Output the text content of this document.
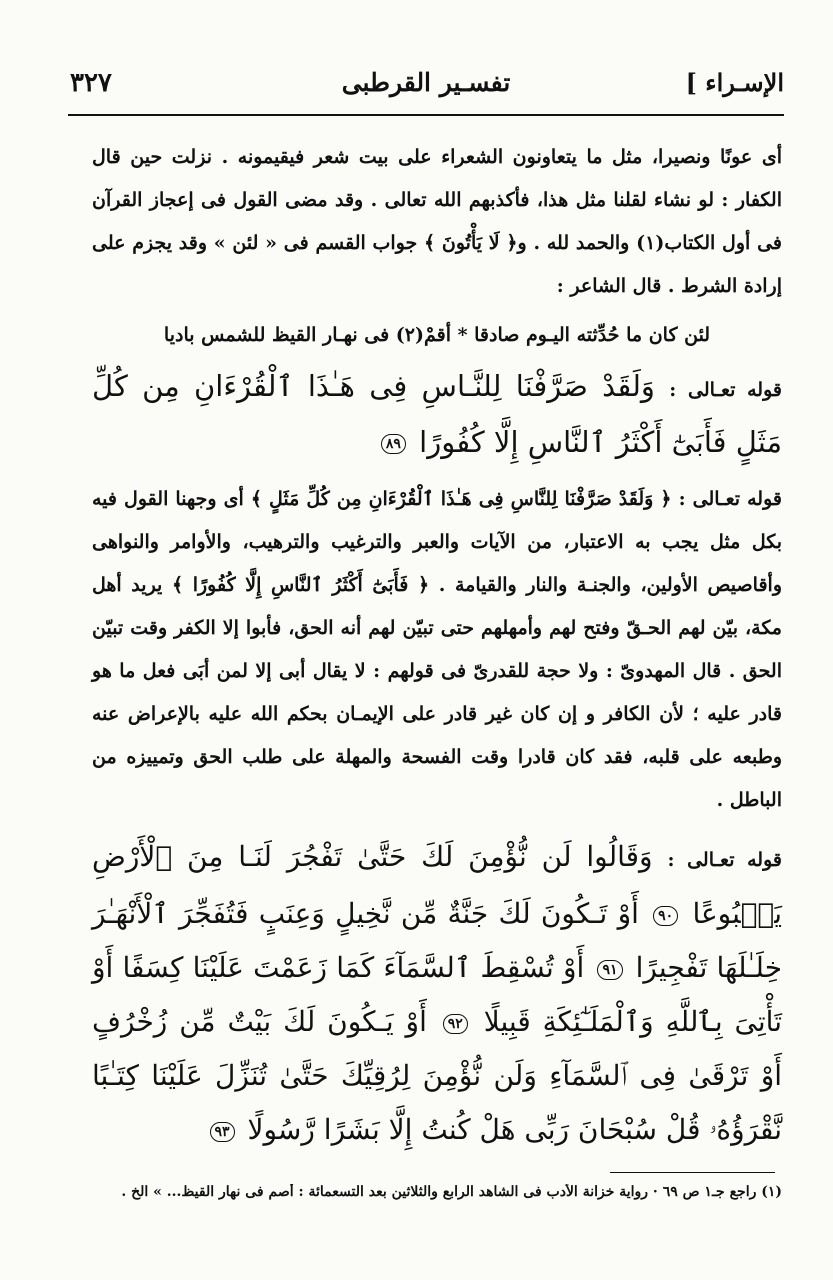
الإسـراء ]
تفسـير القرطبى
٣٢٧

أى عونًا ونصيرا، مثل ما يتعاونون الشعراء على بيت شعر فيقيمونه . نزلت حين قال الكفار : لو نشاء لقلنا مثل هذا، فأكذبهم الله تعالى . وقد مضى القول فى إعجاز القرآن فى أول الكتاب(١) والحمد لله . و﴿ لَا يَأْتُونَ ﴾ جواب القسم فى « لئن » وقد يجزم على إرادة الشرط . قال الشاعر :

لئن كان ما حُدِّثته اليـوم صادقا * أقمْ(٢) فى نهـار القيظ للشمس باديا

قوله تعـالى : وَلَقَدْ صَرَّفْنَا لِلنَّـاسِ فِى هَـٰذَا ٱلْقُرْءَانِ مِن كُلِّ مَثَلٍ فَأَبَىٰٓ أَكْثَرُ ٱلنَّاسِ إِلَّا كُفُورًا ٨٩

قوله تعـالى : ﴿ وَلَقَدْ صَرَّفْنَا لِلنَّاسِ فِى هَـٰذَا ٱلْقُرْءَانِ مِن كُلِّ مَثَلٍ ﴾ أى وجهنا القول فيه بكل مثل يجب به الاعتبار، من الآيات والعبر والترغيب والترهيب، والأوامر والنواهى وأقاصيص الأولين، والجنـة والنار والقيامة . ﴿ فَأَبَىٰٓ أَكْثَرُ ٱلنَّاسِ إِلَّا كُفُورًا ﴾ يريد أهل مكة، بيّن لهم الحـقّ وفتح لهم وأمهلهم حتى تبيّن لهم أنه الحق، فأبوا إلا الكفر وقت تبيّن الحق . قال المهدوىّ : ولا حجة للقدرىّ فى قولهم : لا يقال أبى إلا لمن أبَى فعل ما هو قادر عليه ؛ لأن الكافر و إن كان غير قادر على الإيمـان بحكم الله عليه بالإعراض عنه وطبعه على قلبه، فقد كان قادرا وقت الفسحة والمهلة على طلب الحق وتمييزه من الباطل .

قوله تعـالى : وَقَالُوا لَن نُّؤْمِنَ لَكَ حَتَّىٰ تَفْجُرَ لَنَـا مِنَ ٱلْأَرْضِ يَنۢبُوعًا ٩٠ أَوْ تَـكُونَ لَكَ جَنَّةٌ مِّن نَّخِيلٍ وَعِنَبٍ فَتُفَجِّرَ ٱلْأَنْهَـٰرَ خِلَـٰلَهَا تَفْجِيرًا ٩١ أَوْ تُسْقِطَ ٱلسَّمَآءَ كَمَا زَعَمْتَ عَلَيْنَا كِسَفًا أَوْ تَأْتِىَ بِٱللَّهِ وَٱلْمَلَـٰٓئِكَةِ قَبِيلًا ٩٢ أَوْ يَـكُونَ لَكَ بَيْتٌ مِّن زُخْرُفٍ أَوْ تَرْقَىٰ فِى ٱلسَّمَآءِ وَلَن نُّؤْمِنَ لِرُقِيِّكَ حَتَّىٰ تُنَزِّلَ عَلَيْنَا كِتَـٰبًا نَّقْرَؤُهُۥ قُلْ سُبْحَانَ رَبِّى هَلْ كُنتُ إِلَّا بَشَرًا رَّسُولًا ٩٣

(١) راجع جـ١ ص ٦٩ · رواية خزانة الأدب فى الشاهد الرابع والثلاثين بعد التسعمائة : أصم فى نهار القيظ... » الخ .
